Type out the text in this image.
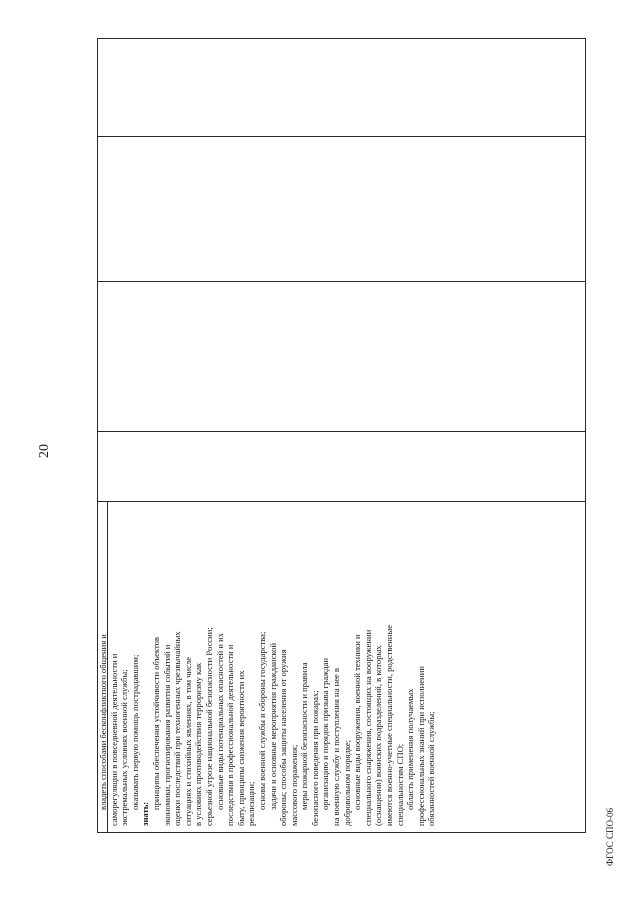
20
владеть способами бесконфликтного общения и саморегуляции в повседневной деятельности и экстремальных условиях военной службы; оказывать первую помощь пострадавшим;
знать:
принципы обеспечения устойчивости объектов экономики, прогнозирования развития событий и оценки последствий при техногенных чрезвычайных ситуациях и стихийных явлениях, в том числе в условиях противодействия терроризму как серьезной угрозе национальной безопасности России; основные виды потенциальных опасностей и их последствия в профессиональной деятельности и быту, принципы снижения вероятности их реализации; основы военной службы и обороны государства; задачи и основные мероприятия гражданской обороны; способы защиты населения от оружия массового поражения; меры пожарной безопасности и правила безопасного поведения при пожарах; организацию и порядок призыва граждан на военную службу и поступления на нее в добровольном порядке; основные виды вооружения, военной техники и специального снаряжения, состоящих на вооружении (оснащении) воинских подразделений, в которых имеются военно-учетные специальности, родственные специальностям СПО; область применения получаемых профессиональных знаний при исполнении обязанностей военной службы;
ФГОС СПО-06
